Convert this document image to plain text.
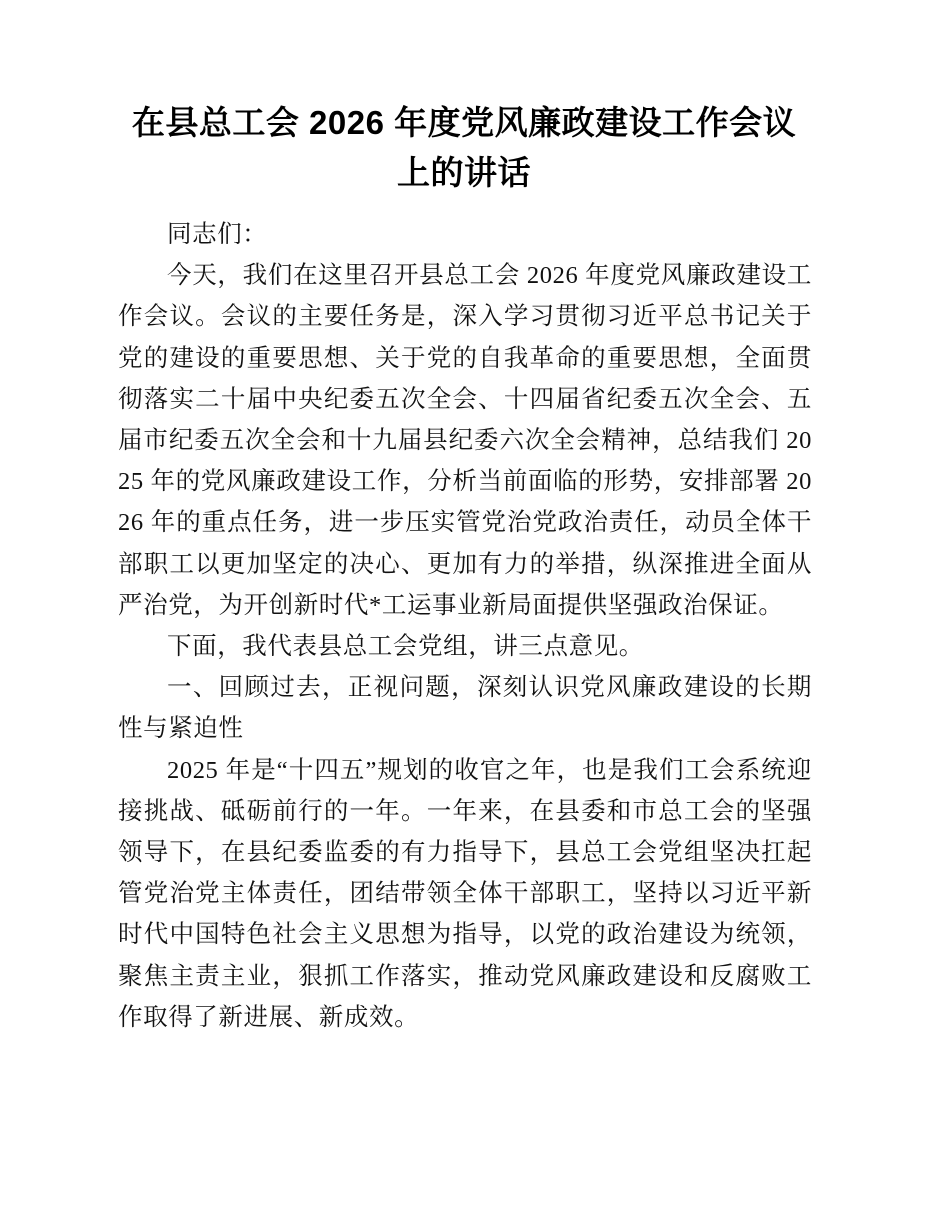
在县总工会 2026 年度党风廉政建设工作会议上的讲话

同志们：

今天，我们在这里召开县总工会 2026 年度党风廉政建设工作会议。会议的主要任务是，深入学习贯彻习近平总书记关于党的建设的重要思想、关于党的自我革命的重要思想，全面贯彻落实二十届中央纪委五次全会、十四届省纪委五次全会、五届市纪委五次全会和十九届县纪委六次全会精神，总结我们 2025 年的党风廉政建设工作，分析当前面临的形势，安排部署 2026 年的重点任务，进一步压实管党治党政治责任，动员全体干部职工以更加坚定的决心、更加有力的举措，纵深推进全面从严治党，为开创新时代*工运事业新局面提供坚强政治保证。

下面，我代表县总工会党组，讲三点意见。

一、回顾过去，正视问题，深刻认识党风廉政建设的长期性与紧迫性

2025 年是“十四五”规划的收官之年，也是我们工会系统迎接挑战、砥砺前行的一年。一年来，在县委和市总工会的坚强领导下，在县纪委监委的有力指导下，县总工会党组坚决扛起管党治党主体责任，团结带领全体干部职工，坚持以习近平新时代中国特色社会主义思想为指导，以党的政治建设为统领，聚焦主责主业，狠抓工作落实，推动党风廉政建设和反腐败工作取得了新进展、新成效。
